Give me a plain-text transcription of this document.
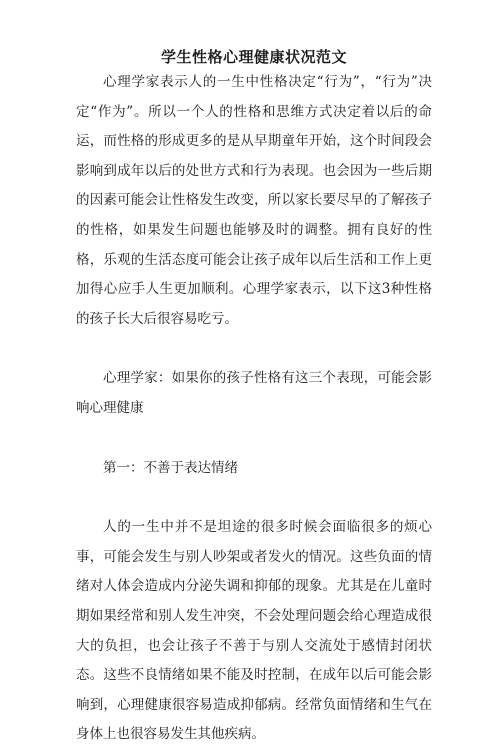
学生性格心理健康状况范文

心理学家表示人的一生中性格决定“行为”，“行为”决定“作为”。所以一个人的性格和思维方式决定着以后的命运，而性格的形成更多的是从早期童年开始，这个时间段会影响到成年以后的处世方式和行为表现。也会因为一些后期的因素可能会让性格发生改变，所以家长要尽早的了解孩子的性格，如果发生问题也能够及时的调整。拥有良好的性格，乐观的生活态度可能会让孩子成年以后生活和工作上更加得心应手人生更加顺利。心理学家表示，以下这3种性格的孩子长大后很容易吃亏。

心理学家：如果你的孩子性格有这三个表现，可能会影响心理健康

第一：不善于表达情绪

人的一生中并不是坦途的很多时候会面临很多的烦心事，可能会发生与别人吵架或者发火的情况。这些负面的情绪对人体会造成内分泌失调和抑郁的现象。尤其是在儿童时期如果经常和别人发生冲突，不会处理问题会给心理造成很大的负担，也会让孩子不善于与别人交流处于感情封闭状态。这些不良情绪如果不能及时控制，在成年以后可能会影响到，心理健康很容易造成抑郁病。经常负面情绪和生气在身体上也很容易发生其他疾病。
